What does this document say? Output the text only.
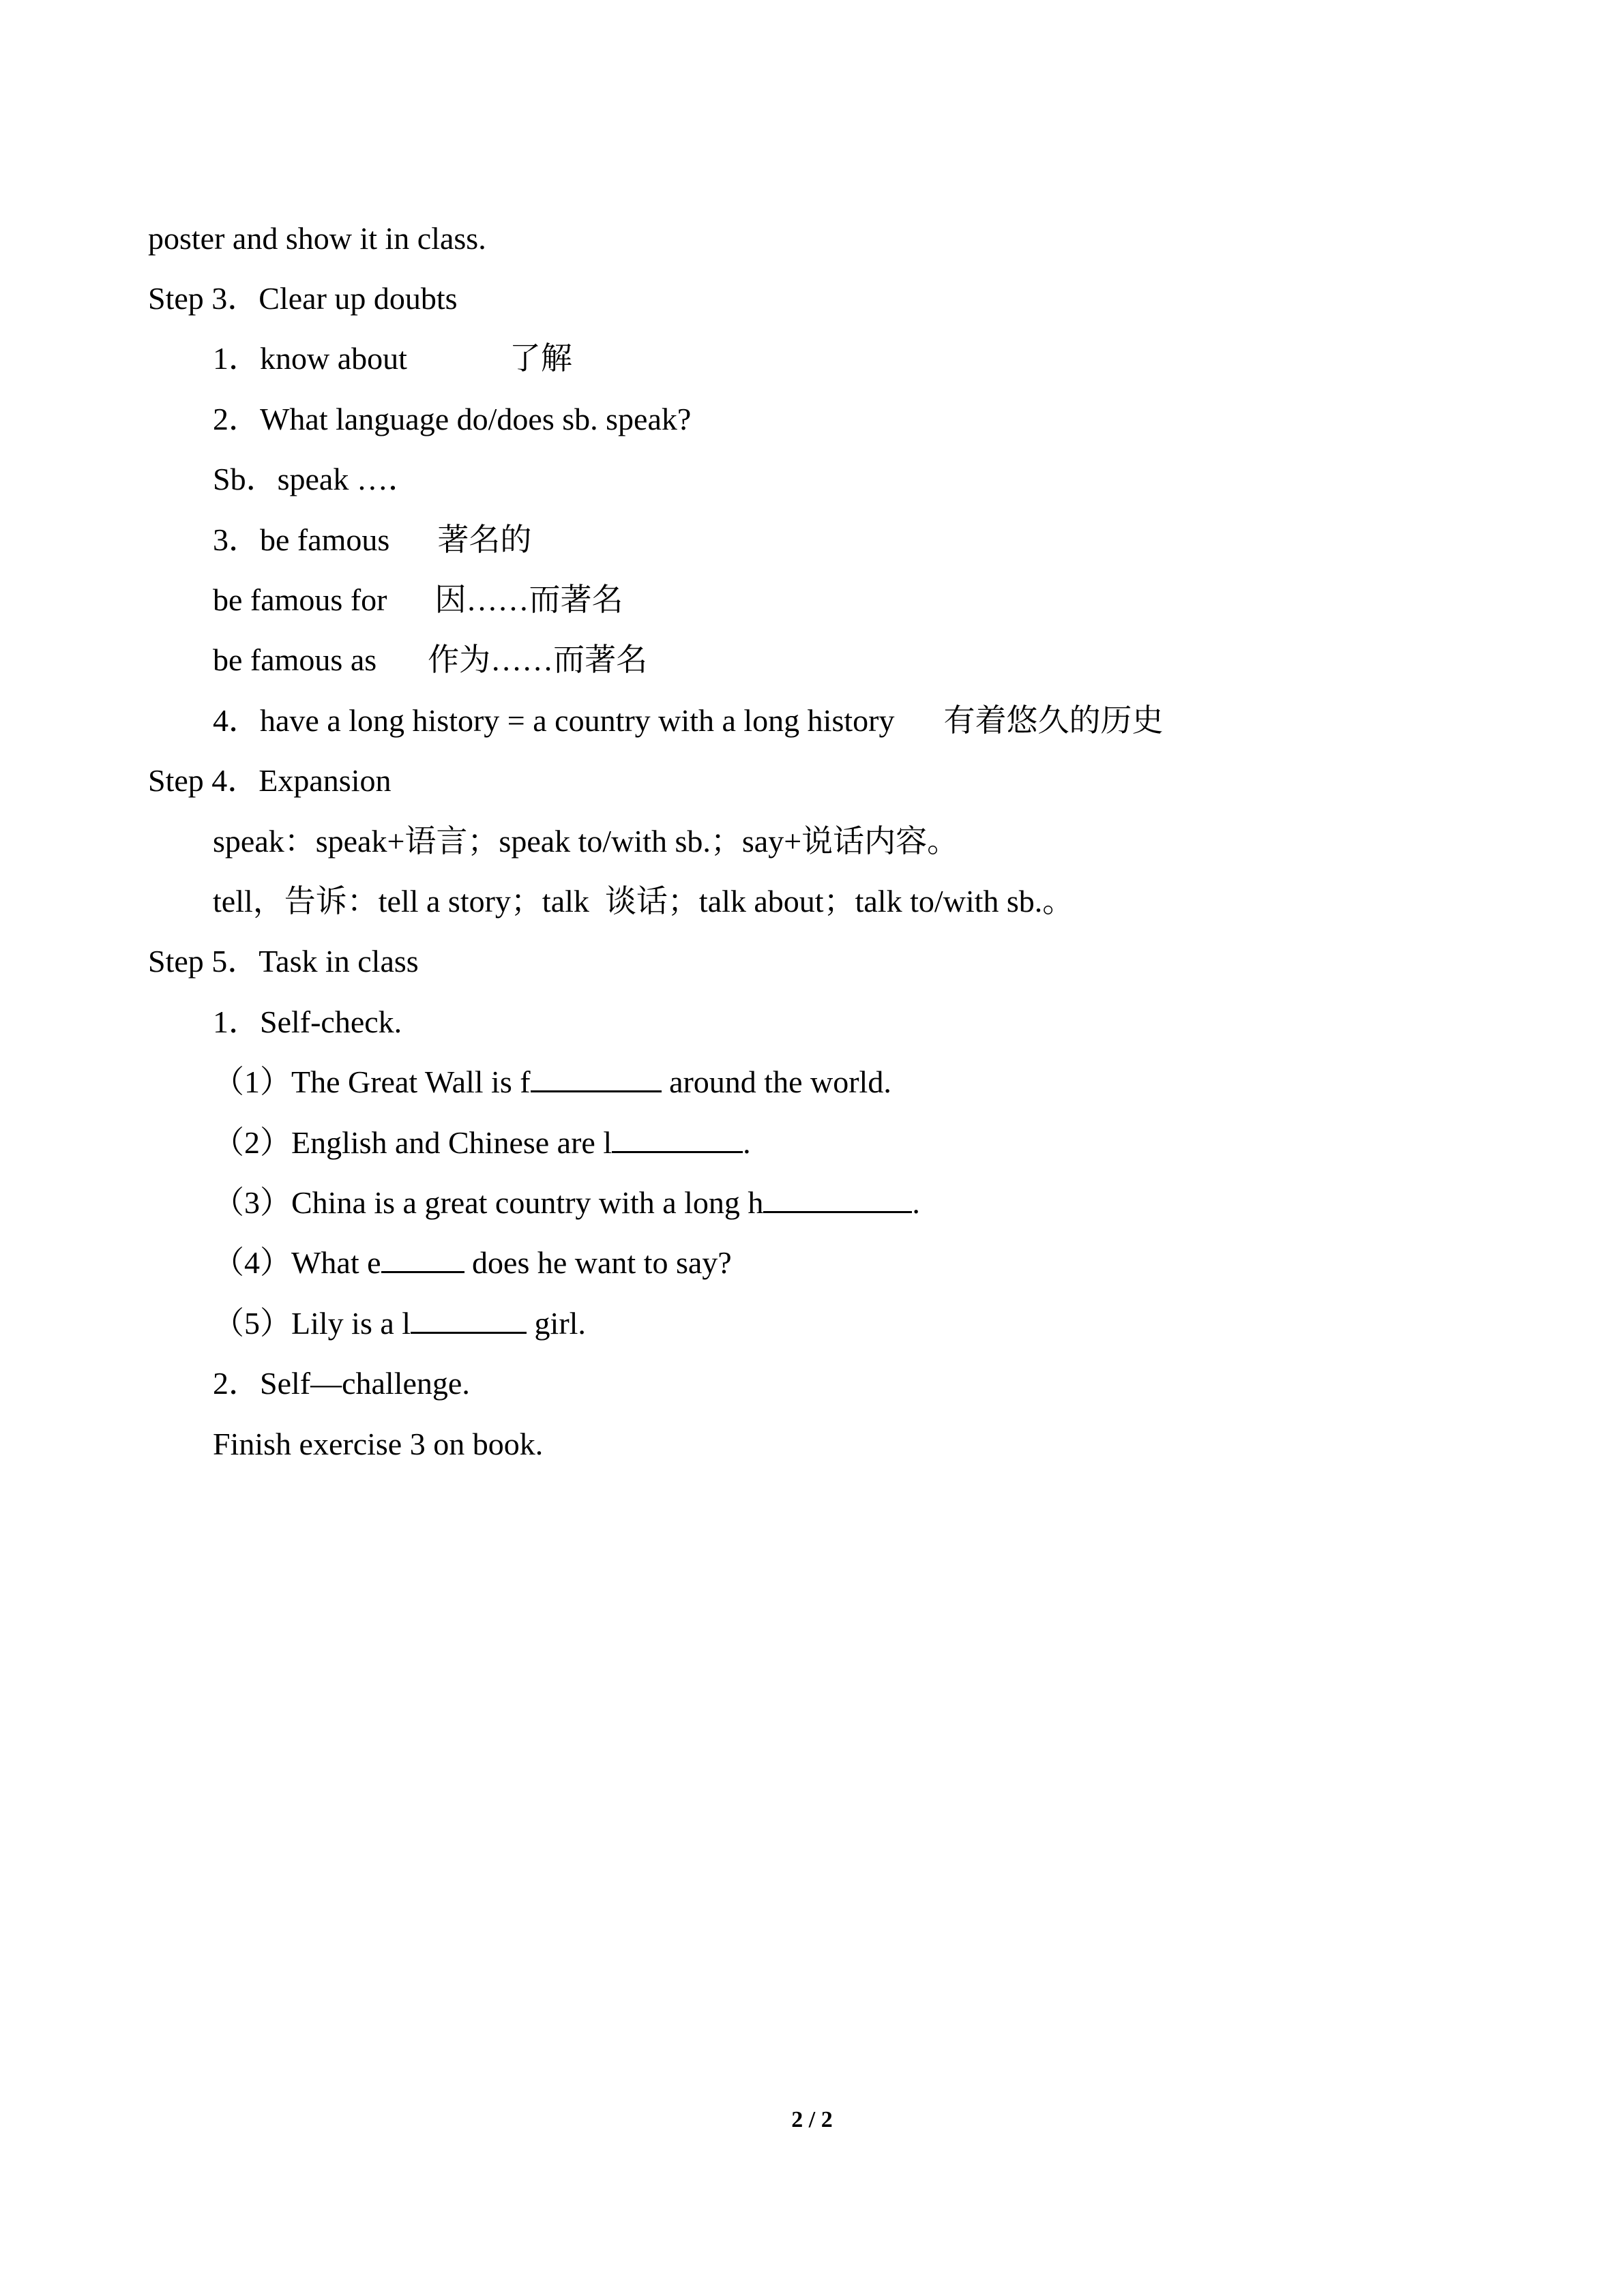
poster and show it in class.

Step 3．Clear up doubts

1．know about	了解

2．What language do/does sb. speak?

Sb．speak …．

3．be famous 著名的

be famous for 因……而著名

be famous as 作为……而著名

4．have a long history = a country with a long history 有着悠久的历史

Step 4．Expansion

speak：speak+语言；speak to/with sb.；say+说话内容。

tell，告诉：tell a story；talk  谈话；talk about；talk to/with sb.。

Step 5．Task in class

1．Self-check.

（1）The Great Wall is f	around the world.

（2）English and Chinese are l	.

（3）China is a great country with a long h	.

（4）What e	does he want to say?

（5）Lily is a l	girl.

2．Self—challenge.

Finish exercise 3 on book.

2 / 2
